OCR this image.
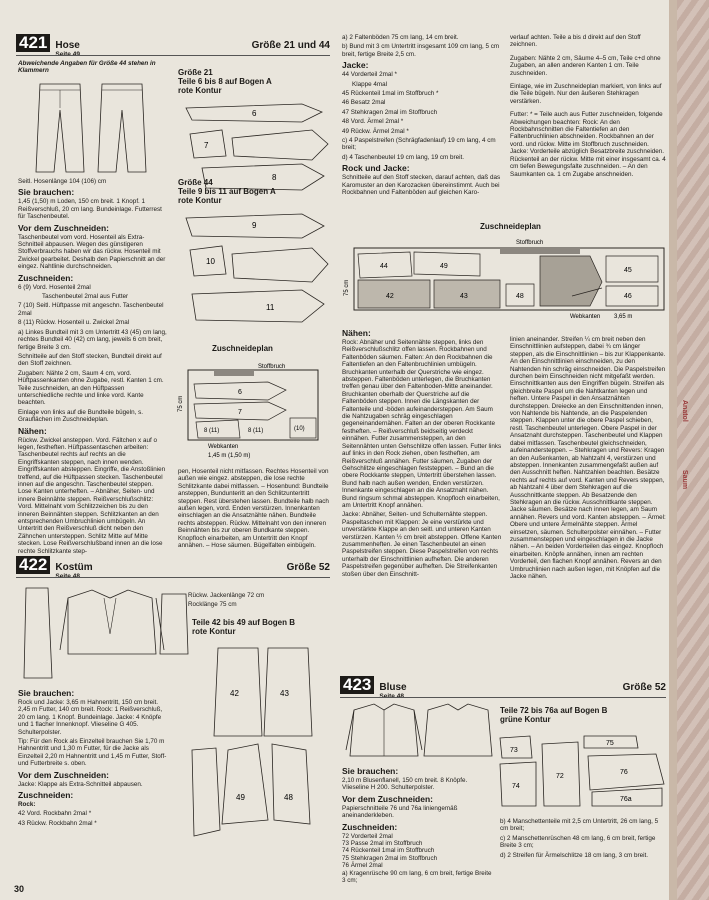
Anatol
Saum
421 Hose	Größe 21 und 44

Abweichende Angaben für Größe 44 stehen in Klammern

Seitl. Hosenlänge 104 (106) cm

Sie brauchen:

1,45 (1,50) m Loden, 150 cm breit. 1 Knopf. 1 Reißverschluß, 20 cm lang. Bundeinlage. Futterrest für Taschenbeutel.

Vor dem Zuschneiden:

Taschenbeutel vom vord. Hosenteil als Extra-Schnitteil abpausen. Wegen des günstigeren Stoffverbrauchs haben wir das rückw. Hosenteil mit Zwickel gearbeitet. Deshalb den Papierschnitt an der eingez. Nahtlinie durchschneiden.

Zuschneiden:

6 (9) Vord. Hosenteil 2mal

Taschenbeutel 2mal aus Futter

7 (10) Seitl. Hüftpasse mit angeschn. Taschenbeutel 2mal

8 (11) Rückw. Hosenteil u. Zwickel 2mal

a) Linkes Bundteil mit 3 cm Untertritt 43 (45) cm lang, rechtes Bundteil 40 (42) cm lang, jeweils 6 cm breit, fertige Breite 3 cm.

Schnitteile auf den Stoff stecken, Bundteil direkt auf den Stoff zeichnen.

Zugaben: Nähte 2 cm, Saum 4 cm, vord. Hüftpassenkanten ohne Zugabe, restl. Kanten 1 cm. Teile zuschneiden, an den Hüftpassen unterschiedliche rechte und linke vord. Kante beachten.

Einlage von links auf die Bundteile bügeln, s. Grauflächen im Zuschneideplan.

Nähen:

Rückw. Zwickel ansteppen. Vord. Fältchen x auf o legen, festheften. Hüftpassentaschen arbeiten: Taschenbeutel rechts auf rechts an die Eingriffskanten steppen, nach innen wenden. Eingriffskanten absteppen. Eingriffe, die Anstoßlinien treffend, auf die Hüftpassen stecken. Taschenbeutel innen auf die angeschn. Taschenbeutel steppen. Lose Kanten unterheften. – Abnäher, Seiten- und innere Beinnähte steppen. Reißverschlußschlitz: Vord. Mittelnaht vom Schlitzzeichen bis zu den inneren Beinnähten steppen. Schlitzkanten an den entsprechenden Umbruchlinien umbügeln. An Untertritt den Reißverschluß dicht neben den Zähnchen untersteppen. Schlitz Mitte auf Mitte stecken. Lose Reißverschlußband innen an die lose rechte Schlitzkante step-

Größe 21
Teile 6 bis 8 auf Bogen A
rote Kontur
6
7
8
Größe 44
Teile 9 bis 11 auf Bogen A
rote Kontur
10
9
11
Zuschneideplan
Stoffbruch
6
7
8 (11)	(10)
8 (11)
75 cm
Webkanten
1,45 m (1,50 m)

pen, Hosenteil nicht mitfassen. Rechtes Hosenteil von außen wie eingez. absteppen, die lose rechte Schlitzkante dabei mitfassen. – Hosenbund: Bundteile ansteppen, Bundunteritt an den Schlitzuntertritt steppen. Rest überstehen lassen. Bundteile halb nach außen legen, vord. Enden verstürzen. Innenkanten einschlagen an die Ansatznähte nähen. Bundteile rechts absteppen. Rückw. Mittelnaht von den inneren Beinnähten bis zur oberen Bundkante steppen. Knopfloch einarbeiten, am Untertritt den Knopf annähen. – Hose säumen. Bügelfalten einbügeln.

a) 2 Faltenböden 75 cm lang, 14 cm breit.

b) Bund mit 3 cm Untertritt insgesamt 109 cm lang, 5 cm breit, fertige Breite 2,5 cm.

Jacke:

44 Vorderteil 2mal *

Klappe 4mal

45 Rückenteil 1mal im Stoffbruch *

46 Besatz 2mal

47 Stehkragen 2mal im Stoffbruch

48 Vord. Ärmel 2mal *

49 Rückw. Ärmel 2mal *

c) 4 Paspelstreifen (Schrägfadenlauf) 19 cm lang, 4 cm breit;

d) 4 Taschenbeutel 19 cm lang, 19 cm breit.

Rock und Jacke:

Schnitteile auf den Stoff stecken, darauf achten, daß das Karomuster an den Karozacken übereinstimmt. Auch bei Rockbahnen und Faltenböden auf gleichen Karo-

verlauf achten. Teile a bis d direkt auf den Stoff zeichnen.

Zugaben: Nähte 2 cm, Säume 4–5 cm, Teile c+d ohne Zugaben, an allen anderen Kanten 1 cm. Teile zuschneiden.

Einlage, wie im Zuschneideplan markiert, von links auf die Teile bügeln. Nur den äußeren Stehkragen verstärken.

Futter: * = Teile auch aus Futter zuschneiden, folgende Abweichungen beachten: Rock: An den Rockbahnschnitten die Faltentiefen an den Faltenbruchlinien abschneiden. Rockbahnen an der vord. und rückw. Mitte im Stoffbruch zuschneiden. Jacke: Vorderteile abzüglich Besatzbreite zuschneiden. Rückenteil an der rückw. Mitte mit einer insgesamt ca. 4 cm tiefen Bewegungsfalte zuschneiden. – An den Saumkanten ca. 1 cm Zugabe anschneiden.

Zuschneideplan
Stoffbruch
44	49
42	43
45
48	46
75 cm
Webkanten 3,65 m
Nähen:

Rock: Abnäher und Seitennähte steppen, links den Reißverschlußschlitz offen lassen. Rockbahnen und Faltenböden säumen. Falten: An den Rockbahnen die Faltentiefen an den Faltenbruchlinien umbügeln. Bruchkanten unterhalb der Querstriche wie eingez. absteppen. Faltenböden unterlegen, die Bruchkanten treffen genau über den Faltenboden-Mitte aneinander. Bruchkanten oberhalb der Querstriche auf die Faltenböden steppen. Innen die Längskanten der Faltenteile und -böden aufeinandersteppen. Am Saum die Nahtzugaben schräg eingeschlagen gegeneinandernähen. Falten an der oberen Rockkante festheften. – Reißverschluß beidseitig verdeckt einnähen. Futter zusammensteppen, an den Seitennähten unten Gehschlitze offen lassen. Futter links auf links in den Rock ziehen, oben festheften, am Reißverschluß annähen. Futter säumen, Zugaben der Gehschlitze eingeschlagen feststeppen. – Bund an die obere Rockkante steppen, Untertritt überstehen lassen. Bund halb nach außen wenden, Enden verstürzen. Innenkante eingeschlagen an die Ansatznaht nähen. Bund ringsum schmal absteppen. Knopfloch einarbeiten, am Untertritt Knopf annähen.

Jacke: Abnäher, Seiten- und Schulternähte steppen. Paspeltaschen mit Klappen: Je eine verstürkte und unverstärkte Klappe an den seitl. und unteren Kanten verstürzen. Kanten ½ cm breit absteppen. Offene Kanten zusammenheften. Je einen Taschenbeutel an einen Paspelstreifen steppen. Diese Paspelstreifen von rechts unterhalb der Einschnittlinien aufheften. Die anderen Paspelstreifen gegenüber aufheften. Die Streifenkanten stoßen über den Einschnitt-

linien aneinander. Streifen ¼ cm breit neben den Einschnittlinien aufsteppen, dabei ¾ cm länger steppen, als die Einschnittlinien – bis zur Klappenkante. An den Einschnittlinien einschneiden, zu den Nahtenden hin schräg einschneiden. Die Paspelstreifen durchen beim Einschneiden nicht mitgefaßt werden. Einschnittkanten aus den Eingriffen bügeln. Streifen als gleichbreite Paspel um die Nahtkanten legen und heften. Untere Paspel in den Ansatznähten durchsteppen. Dreiecke an den Einschnittenden innen, von Nahtende bis Nahtende, an die Paspelenden steppen. Klappen unter die obere Paspel schieben, restl. Taschenbeutel unterlegen. Obere Paspel in der Ansatznaht durchsteppen. Taschenbeutel und Klappen dabei mitfassen. Taschenbeutel gleichschneiden, aufeinandersteppen. – Stehkragen und Revers: Kragen an den Außenkanten, ab Nahtzahl 4, verstürzen und absteppen. Innenkanten zusammengefaßt außen auf den Ausschnitt heften. Nahtzahlen beachten. Besätze rechts auf rechts auf vord. Kanten und Revers steppen, ab Nahtzahl 4 über dem Stehkragen auf die Ausschnittkante steppen. Ab Besatzende den Stehkragen an die rückw. Ausschnittkante steppen. Jacke säumen. Besätze nach innen legen, am Saum annähen. Revers und vord. Kanten absteppen. – Ärmel: Obere und untere Ärmelnähte steppen. Ärmel einsetzen, säumen. Schulterpolster einnähen. – Futter zusammensteppen und eingeschlagen in die Jacke nähen. – An beiden Vorderteilen das eingez. Knopfloch einarbeiten. Knöpfe annähen, innen am rechten Vorderteil, den flachen Knopf annähen. Revers an den Umbruchlinien nach außen legen, mit Knöpfen auf die Jacke nähen.

422 Kostüm	Größe 52

Rückw. Jackenlänge 72 cm

Rocklänge 75 cm

Teile 42 bis 49 auf Bogen B
rote Kontur
42	43
49	48
Sie brauchen:

Rock und Jacke: 3,65 m Hahnentritt, 150 cm breit. 2,45 m Futter, 140 cm breit. Rock: 1 Reißverschluß, 20 cm lang. 1 Knopf. Bundeinlage. Jacke: 4 Knöpfe und 1 flacher Innenknopf. Vlieseline G 405. Schulterpolster.

Tip: Für den Rock als Einzelteil brauchen Sie 1,70 m Hahnentritt und 1,30 m Futter, für die Jacke als Einzelteil 2,20 m Hahnentritt und 1,45 m Futter, Stoff- und Futterbreite s. oben.

Vor dem Zuschneiden:

Jacke: Klappe als Extra-Schnitteil abpausen.

Zuschneiden:

Rock:

42 Vord. Rockbahn 2mal *

43 Rückw. Rockbahn 2mal *

423 Bluse	Größe 52
Teile 72 bis 76a auf Bogen B
grüne Kontur
73
74
72
75
76
76a
Sie brauchen:

2,10 m Blusenflanell, 150 cm breit. 8 Knöpfe. Vlieseline H 200. Schulterpolster.

Vor dem Zuschneiden:

Papierschnitteile 76 und 76a liniengemäß aneinanderkleben.

Zuschneiden:

72 Vorderteil 2mal

73 Passe 2mal im Stoffbruch

74 Rückenteil 1mal im Stoffbruch

75 Stehkragen 2mal im Stoffbruch

76 Ärmel 2mal

a) Kragenrüsche 90 cm lang, 6 cm breit, fertige Breite 3 cm;

b) 4 Manschettenteile mit 2,5 cm Untertritt, 26 cm lang, 5 cm breit;

c) 2 Manschettenrüschen 48 cm lang, 6 cm breit, fertige Breite 3 cm;

d) 2 Streifen für Ärmelschlitze 18 cm lang, 3 cm breit.

30
